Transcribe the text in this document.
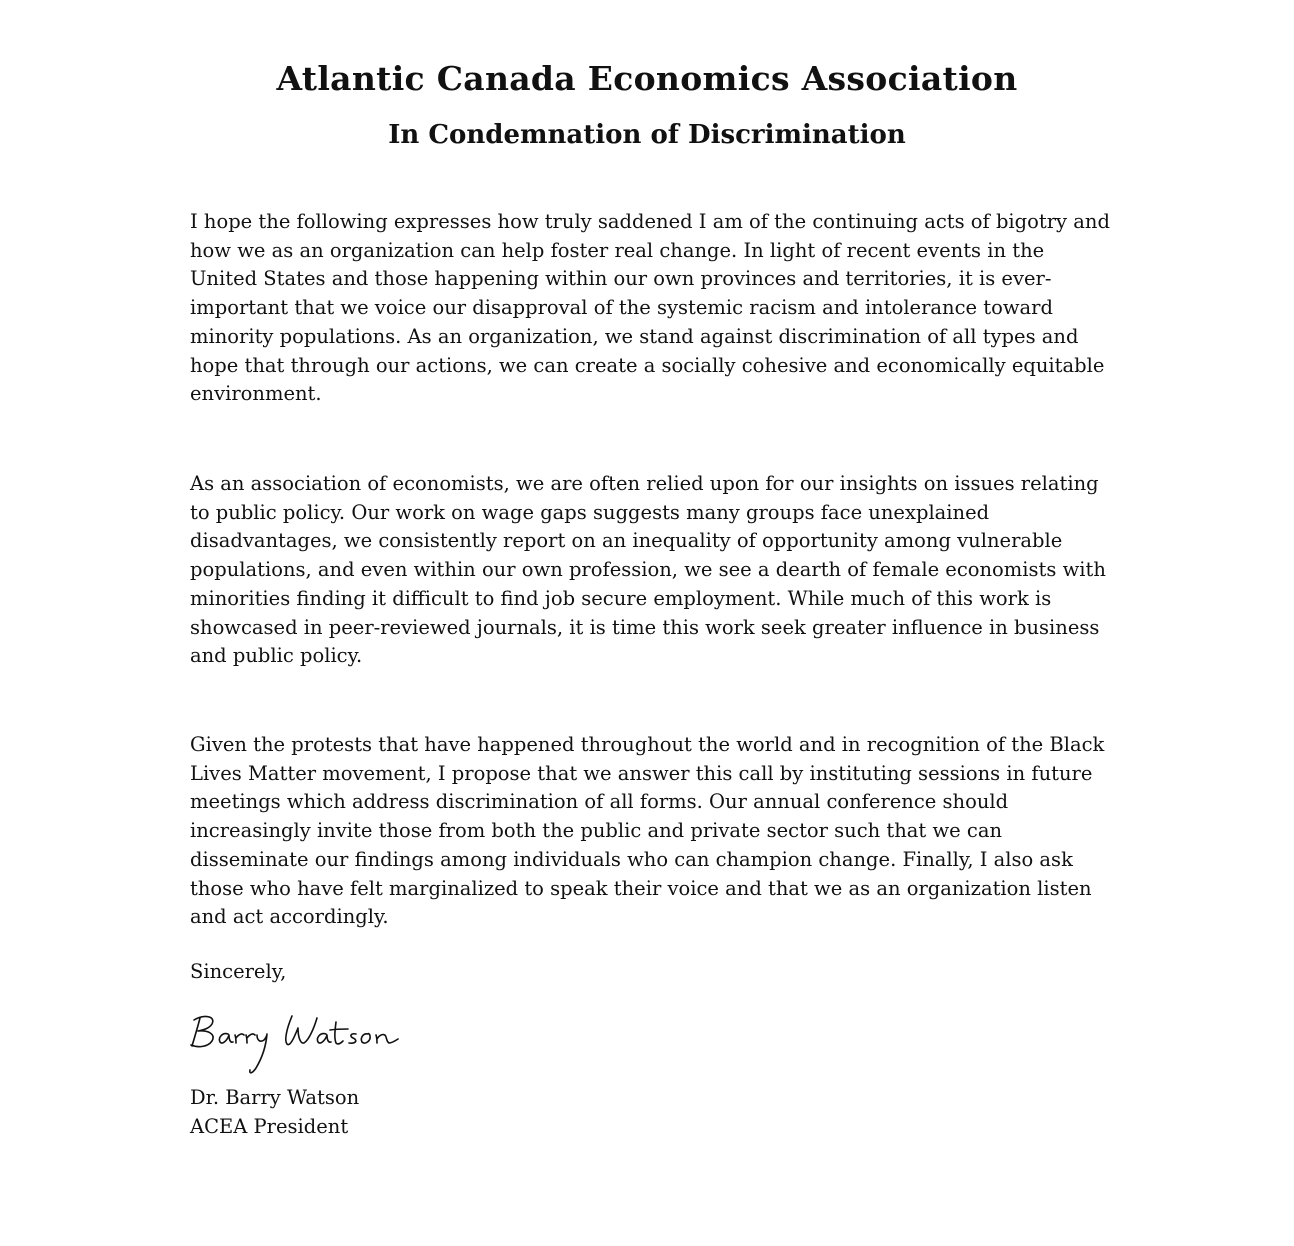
Atlantic Canada Economics Association
In Condemnation of Discrimination

I hope the following expresses how truly saddened I am of the continuing acts of bigotry and how we as an organization can help foster real change. In light of recent events in the United States and those happening within our own provinces and territories, it is ever-important that we voice our disapproval of the systemic racism and intolerance toward minority populations. As an organization, we stand against discrimination of all types and hope that through our actions, we can create a socially cohesive and economically equitable environment.

As an association of economists, we are often relied upon for our insights on issues relating to public policy. Our work on wage gaps suggests many groups face unexplained disadvantages, we consistently report on an inequality of opportunity among vulnerable populations, and even within our own profession, we see a dearth of female economists with minorities finding it difficult to find job secure employment. While much of this work is showcased in peer-reviewed journals, it is time this work seek greater influence in business and public policy.

Given the protests that have happened throughout the world and in recognition of the Black Lives Matter movement, I propose that we answer this call by instituting sessions in future meetings which address discrimination of all forms. Our annual conference should increasingly invite those from both the public and private sector such that we can disseminate our findings among individuals who can champion change. Finally, I also ask those who have felt marginalized to speak their voice and that we as an organization listen and act accordingly.

Sincerely,

Dr. Barry Watson

ACEA President
